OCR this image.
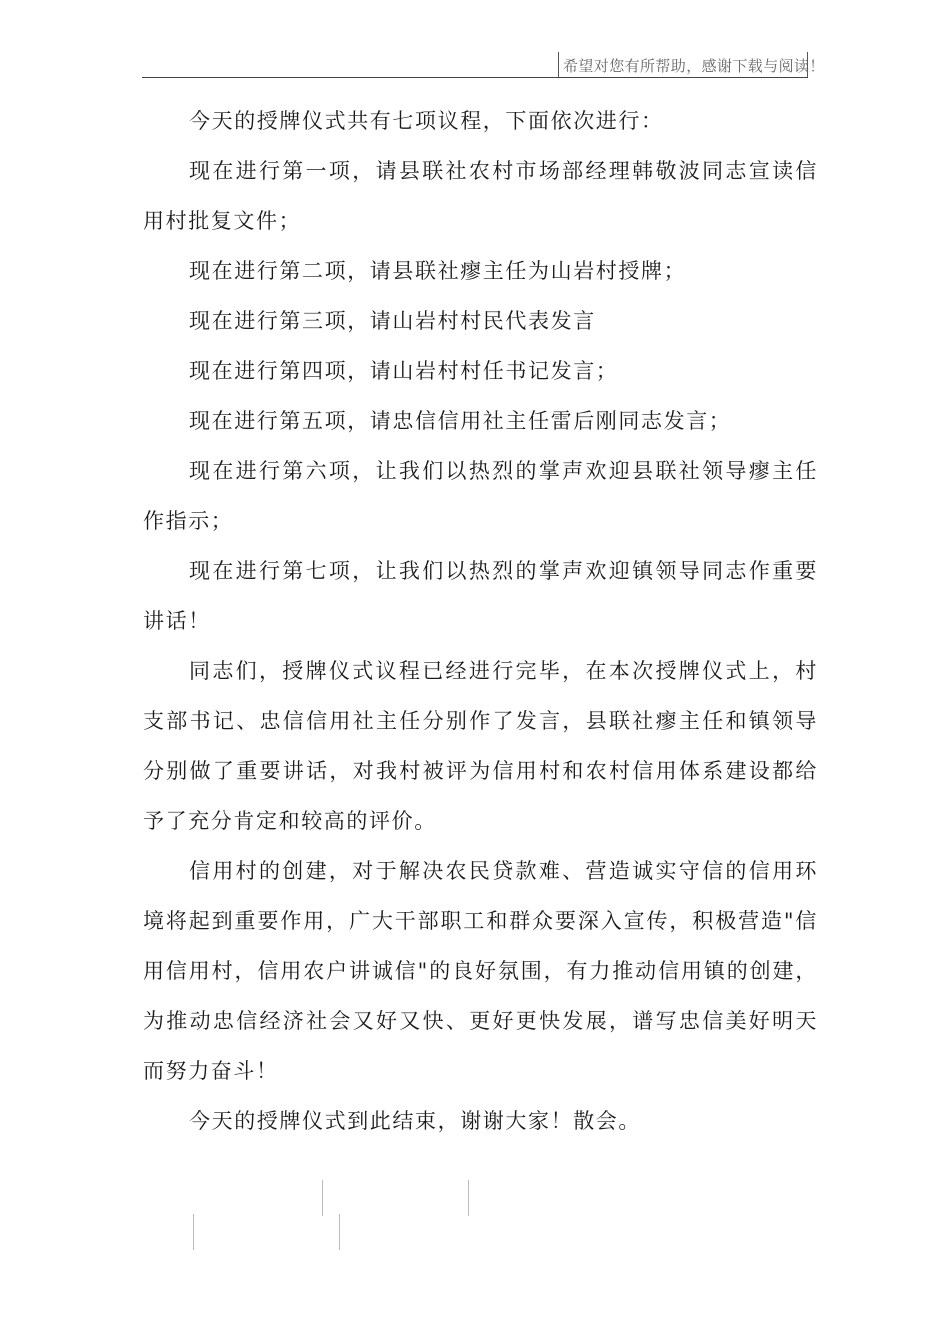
希望对您有所帮助，感谢下载与阅读！

今天的授牌仪式共有七项议程，下面依次进行：

现在进行第一项，请县联社农村市场部经理韩敬波同志宣读信用村批复文件；

现在进行第二项，请县联社瘳主任为山岩村授牌；

现在进行第三项，请山岩村村民代表发言

现在进行第四项，请山岩村村任书记发言；

现在进行第五项，请忠信信用社主任雷后刚同志发言；

现在进行第六项，让我们以热烈的掌声欢迎县联社领导瘳主任作指示；

现在进行第七项，让我们以热烈的掌声欢迎镇领导同志作重要讲话！

同志们，授牌仪式议程已经进行完毕，在本次授牌仪式上，村支部书记、忠信信用社主任分别作了发言，县联社瘳主任和镇领导分别做了重要讲话，对我村被评为信用村和农村信用体系建设都给予了充分肯定和较高的评价。

信用村的创建，对于解决农民贷款难、营造诚实守信的信用环境将起到重要作用，广大干部职工和群众要深入宣传，积极营造"信用信用村，信用农户讲诚信"的良好氛围，有力推动信用镇的创建，为推动忠信经济社会又好又快、更好更快发展，谱写忠信美好明天而努力奋斗！

今天的授牌仪式到此结束，谢谢大家！散会。
